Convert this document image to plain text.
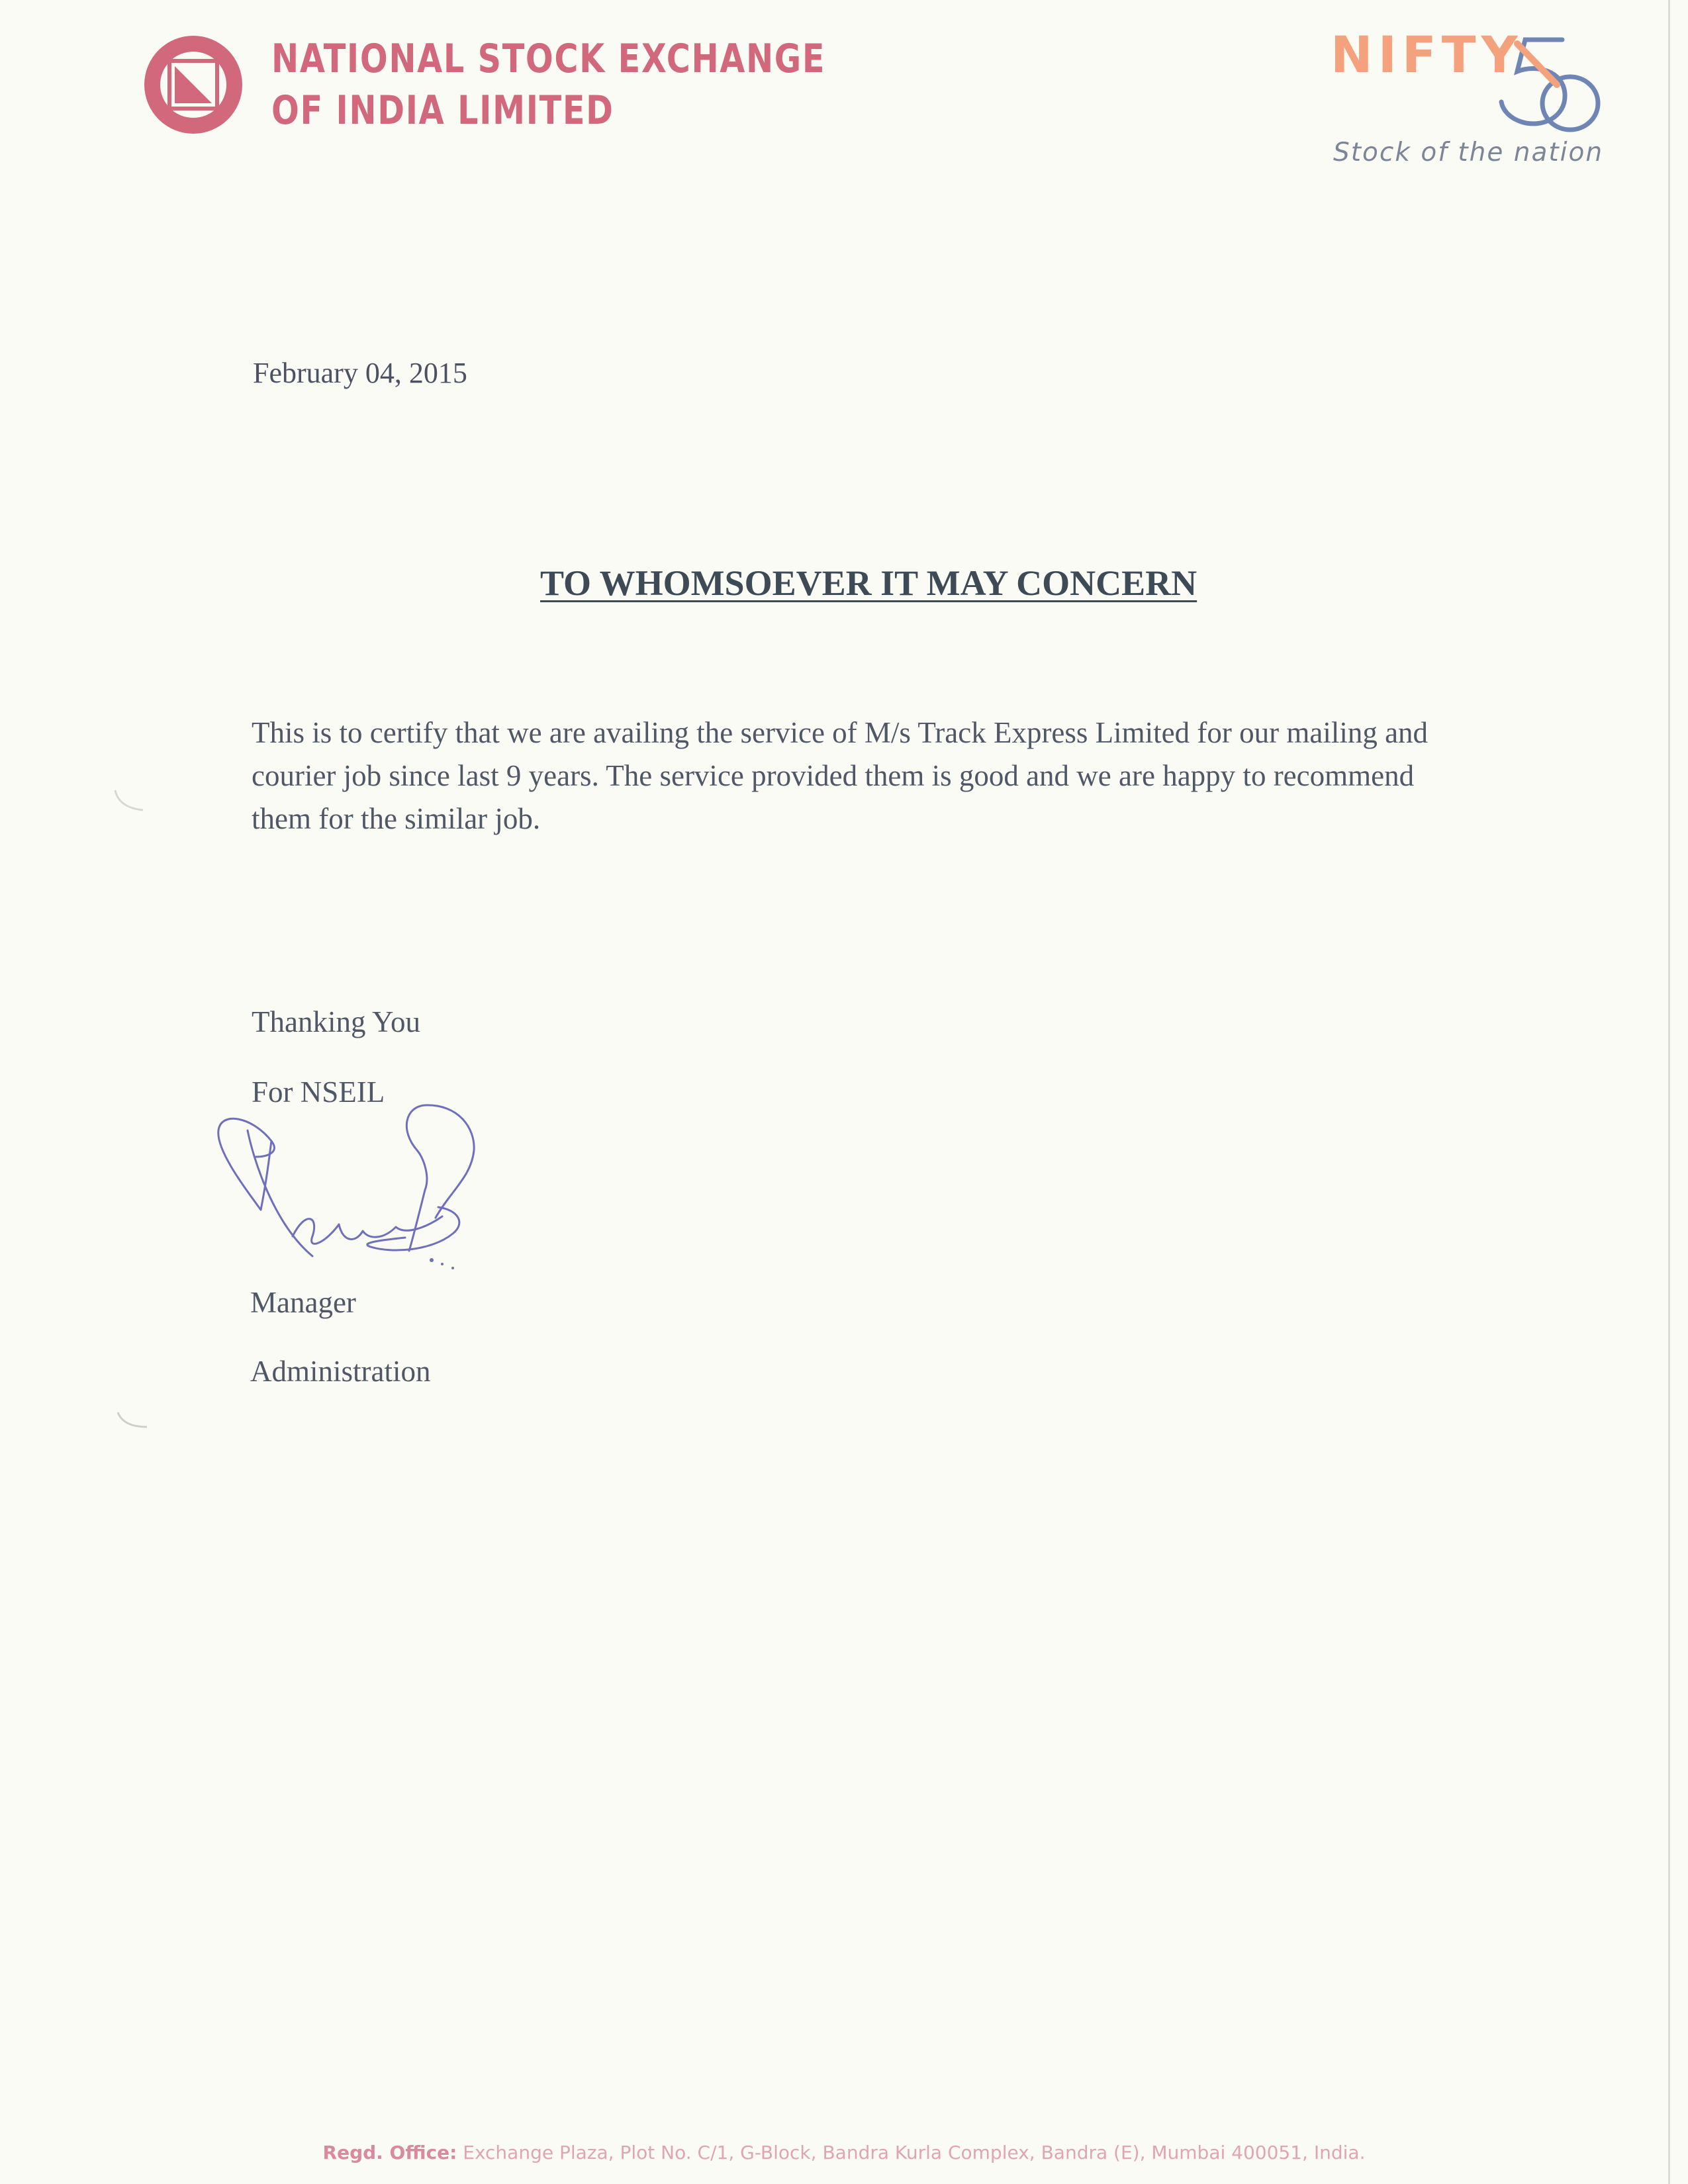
NATIONAL STOCK EXCHANGE
OF INDIA LIMITED
NIFTY
Stock of the nation
February 04, 2015
TO WHOMSOEVER IT MAY CONCERN
This is to certify that we are availing the service of M/s Track Express Limited for our mailing and courier job since last 9 years. The service provided them is good and we are happy to recommend them for the similar job.
Thanking You
For NSEIL
Manager
Administration
Regd. Office: Exchange Plaza, Plot No. C/1, G-Block, Bandra Kurla Complex, Bandra (E), Mumbai 400051, India.
